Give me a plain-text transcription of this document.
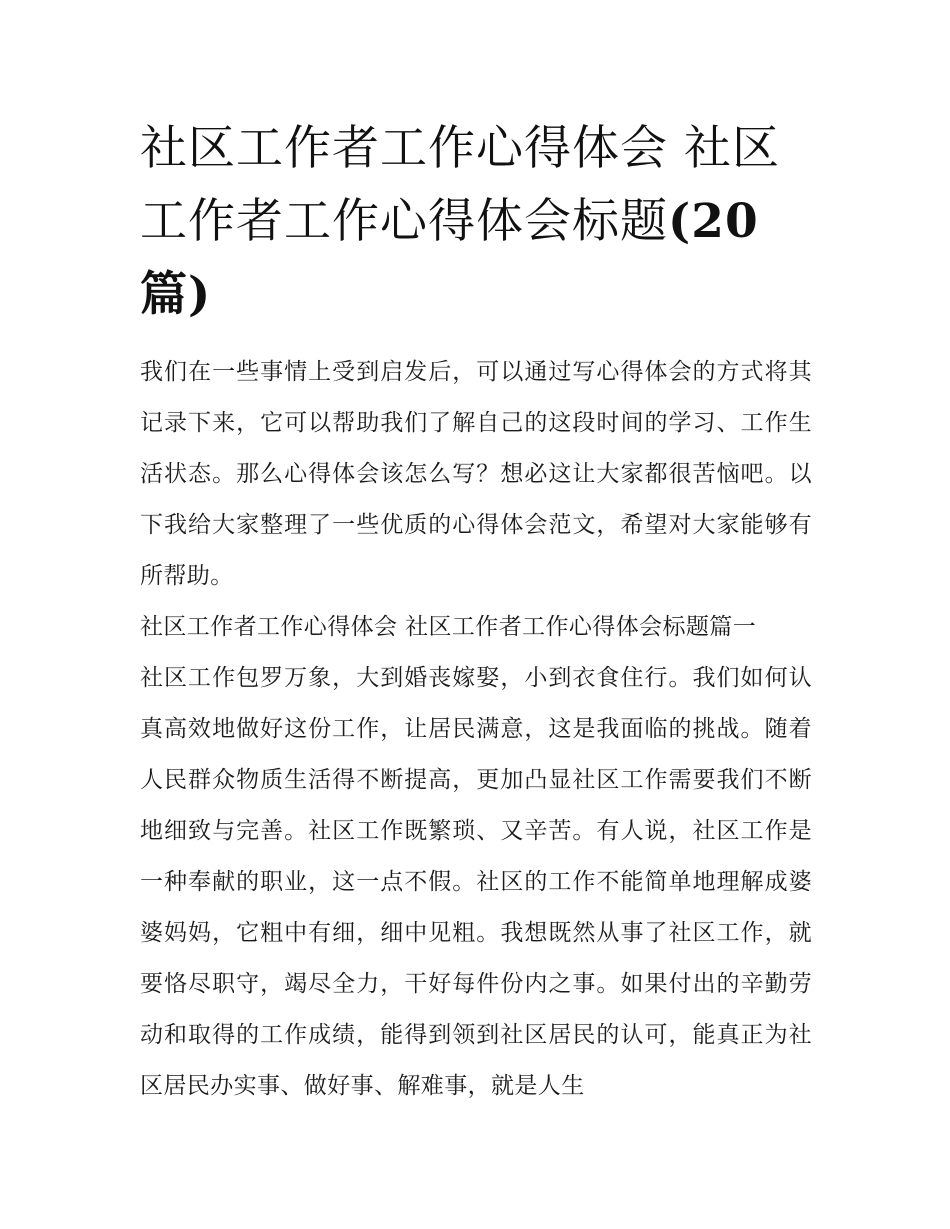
社区工作者工作心得体会 社区工作者工作心得体会标题(20篇)

我们在一些事情上受到启发后，可以通过写心得体会的方式将其记录下来，它可以帮助我们了解自己的这段时间的学习、工作生活状态。那么心得体会该怎么写？想必这让大家都很苦恼吧。以下我给大家整理了一些优质的心得体会范文，希望对大家能够有所帮助。

社区工作者工作心得体会 社区工作者工作心得体会标题篇一

社区工作包罗万象，大到婚丧嫁娶，小到衣食住行。我们如何认真高效地做好这份工作，让居民满意，这是我面临的挑战。随着人民群众物质生活得不断提高，更加凸显社区工作需要我们不断地细致与完善。社区工作既繁琐、又辛苦。有人说，社区工作是一种奉献的职业，这一点不假。社区的工作不能简单地理解成婆婆妈妈，它粗中有细，细中见粗。我想既然从事了社区工作，就要恪尽职守，竭尽全力，干好每件份内之事。如果付出的辛勤劳动和取得的工作成绩，能得到领到社区居民的认可，能真正为社区居民办实事、做好事、解难事，就是人生
